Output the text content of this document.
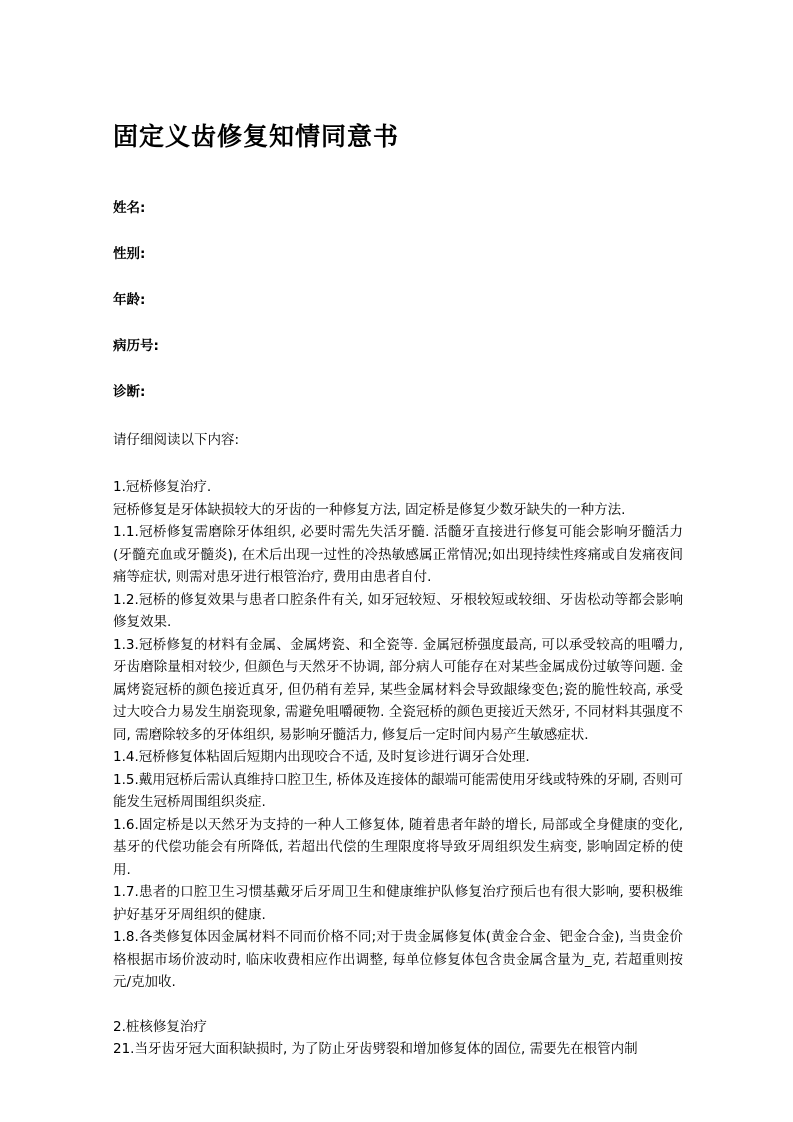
固定义齿修复知情同意书

姓名:

性别:

年龄:

病历号:

诊断:

请仔细阅读以下内容:

1.冠桥修复治疗.

冠桥修复是牙体缺损较大的牙齿的一种修复方法, 固定桥是修复少数牙缺失的一种方法.

1.1.冠桥修复需磨除牙体组织, 必要时需先失活牙髓. 活髓牙直接进行修复可能会影响牙髓活力(牙髓充血或牙髓炎), 在术后出现一过性的冷热敏感属正常情况;如出现持续性疼痛或自发痛夜间痛等症状, 则需对患牙进行根管治疗, 费用由患者自付.

1.2.冠桥的修复效果与患者口腔条件有关, 如牙冠较短、牙根较短或较细、牙齿松动等都会影响修复效果.

1.3.冠桥修复的材料有金属、金属烤瓷、和全瓷等. 金属冠桥强度最高, 可以承受较高的咀嚼力, 牙齿磨除量相对较少, 但颜色与天然牙不协调, 部分病人可能存在对某些金属成份过敏等问题. 金属烤瓷冠桥的颜色接近真牙, 但仍稍有差异, 某些金属材料会导致龈缘变色;瓷的脆性较高, 承受过大咬合力易发生崩瓷现象, 需避免咀嚼硬物. 全瓷冠桥的颜色更接近天然牙, 不同材料其强度不同, 需磨除较多的牙体组织, 易影响牙髓活力, 修复后一定时间内易产生敏感症状.

1.4.冠桥修复体粘固后短期内出现咬合不适, 及时复诊进行调牙合处理.

1.5.戴用冠桥后需认真维持口腔卫生, 桥体及连接体的龈端可能需使用牙线或特殊的牙刷, 否则可能发生冠桥周围组织炎症.

1.6.固定桥是以天然牙为支持的一种人工修复体, 随着患者年龄的增长, 局部或全身健康的变化, 基牙的代偿功能会有所降低, 若超出代偿的生理限度将导致牙周组织发生病变, 影响固定桥的使用.

1.7.患者的口腔卫生习惯基戴牙后牙周卫生和健康维护队修复治疗预后也有很大影响, 要积极维护好基牙牙周组织的健康.

1.8.各类修复体因金属材料不同而价格不同;对于贵金属修复体(黄金合金、钯金合金), 当贵金价格根据市场价波动时, 临床收费相应作出调整, 每单位修复体包含贵金属含量为_克, 若超重则按元/克加收.

2.桩核修复治疗

21.当牙齿牙冠大面积缺损时, 为了防止牙齿劈裂和增加修复体的固位, 需要先在根管内制
